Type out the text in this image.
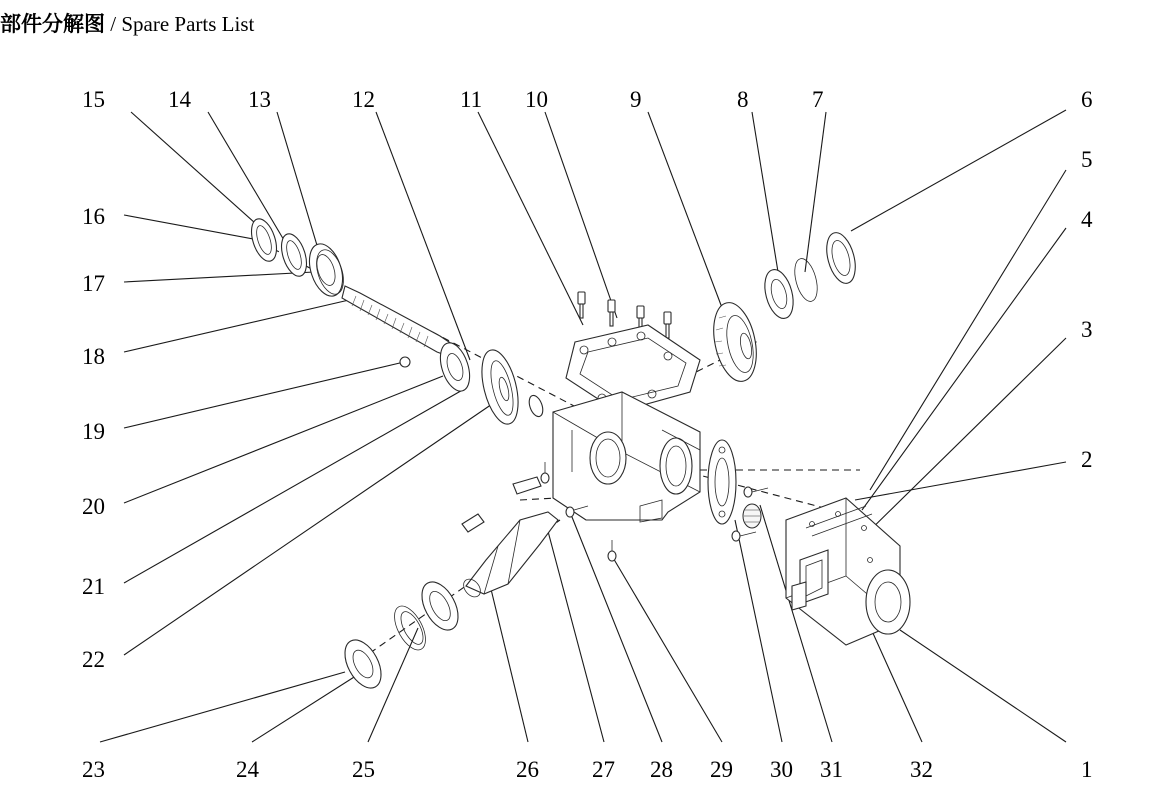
部件分解图 / Spare Parts List
15	14 13	12	11 10	9	8	7	6
5
4
3
2
1
16
17
18
19
20
21
22
23	24	25	26 27 28 29 30 31	32
